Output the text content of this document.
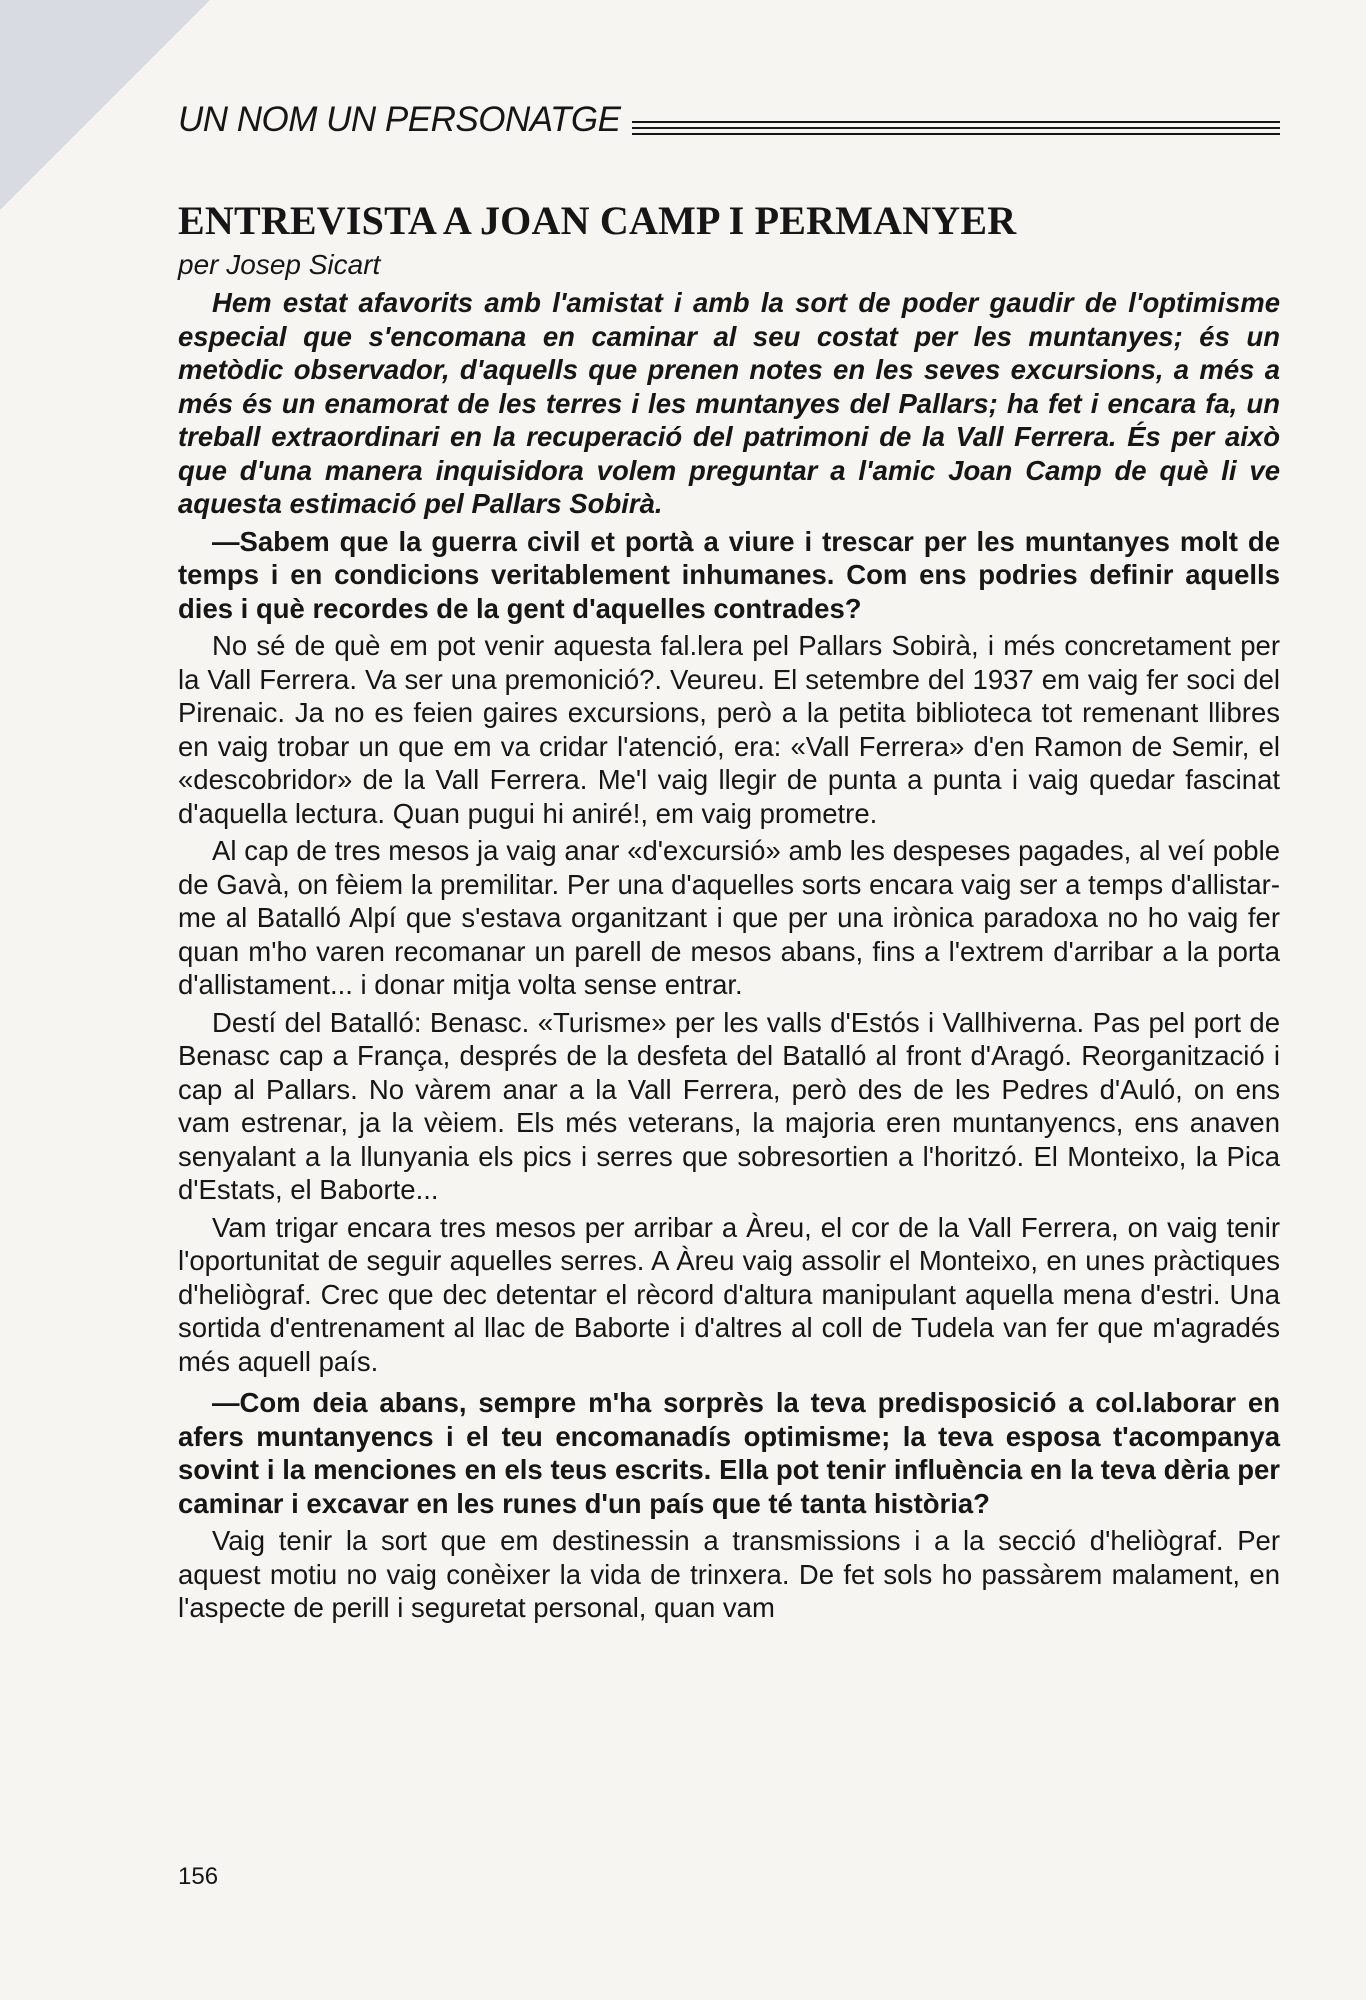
UN NOM UN PERSONATGE
ENTREVISTA A JOAN CAMP I PERMANYER
per Josep Sicart

Hem estat afavorits amb l'amistat i amb la sort de poder gaudir de l'optimisme especial que s'encomana en caminar al seu costat per les muntanyes; és un metòdic observador, d'aquells que prenen notes en les seves excursions, a més a més és un enamorat de les terres i les muntanyes del Pallars; ha fet i encara fa, un treball extraordinari en la recuperació del patrimoni de la Vall Ferrera. És per això que d'una manera inquisidora volem preguntar a l'amic Joan Camp de què li ve aquesta estimació pel Pallars Sobirà.

—Sabem que la guerra civil et portà a viure i trescar per les muntanyes molt de temps i en condicions veritablement inhumanes. Com ens podries definir aquells dies i què recordes de la gent d'aquelles contrades?

No sé de què em pot venir aquesta fal.lera pel Pallars Sobirà, i més concretament per la Vall Ferrera. Va ser una premonició?. Veureu. El setembre del 1937 em vaig fer soci del Pirenaic. Ja no es feien gaires excursions, però a la petita biblioteca tot remenant llibres en vaig trobar un que em va cridar l'atenció, era: «Vall Ferrera» d'en Ramon de Semir, el «descobridor» de la Vall Ferrera. Me'l vaig llegir de punta a punta i vaig quedar fascinat d'aquella lectura. Quan pugui hi aniré!, em vaig prometre.

Al cap de tres mesos ja vaig anar «d'excursió» amb les despeses pagades, al veí poble de Gavà, on fèiem la premilitar. Per una d'aquelles sorts encara vaig ser a temps d'allistar-me al Batalló Alpí que s'estava organitzant i que per una irònica paradoxa no ho vaig fer quan m'ho varen recomanar un parell de mesos abans, fins a l'extrem d'arribar a la porta d'allistament... i donar mitja volta sense entrar.

Destí del Batalló: Benasc. «Turisme» per les valls d'Estós i Vallhiverna. Pas pel port de Benasc cap a França, després de la desfeta del Batalló al front d'Aragó. Reorganització i cap al Pallars. No vàrem anar a la Vall Ferrera, però des de les Pedres d'Auló, on ens vam estrenar, ja la vèiem. Els més veterans, la majoria eren muntanyencs, ens anaven senyalant a la llunyania els pics i serres que sobresortien a l'horitzó. El Monteixo, la Pica d'Estats, el Baborte...

Vam trigar encara tres mesos per arribar a Àreu, el cor de la Vall Ferrera, on vaig tenir l'oportunitat de seguir aquelles serres. A Àreu vaig assolir el Monteixo, en unes pràctiques d'heliògraf. Crec que dec detentar el rècord d'altura manipulant aquella mena d'estri. Una sortida d'entrenament al llac de Baborte i d'altres al coll de Tudela van fer que m'agradés més aquell país.

—Com deia abans, sempre m'ha sorprès la teva predisposició a col.laborar en afers muntanyencs i el teu encomanadís optimisme; la teva esposa t'acompanya sovint i la menciones en els teus escrits. Ella pot tenir influència en la teva dèria per caminar i excavar en les runes d'un país que té tanta història?

Vaig tenir la sort que em destinessin a transmissions i a la secció d'heliògraf. Per aquest motiu no vaig conèixer la vida de trinxera. De fet sols ho passàrem malament, en l'aspecte de perill i seguretat personal, quan vam

156
